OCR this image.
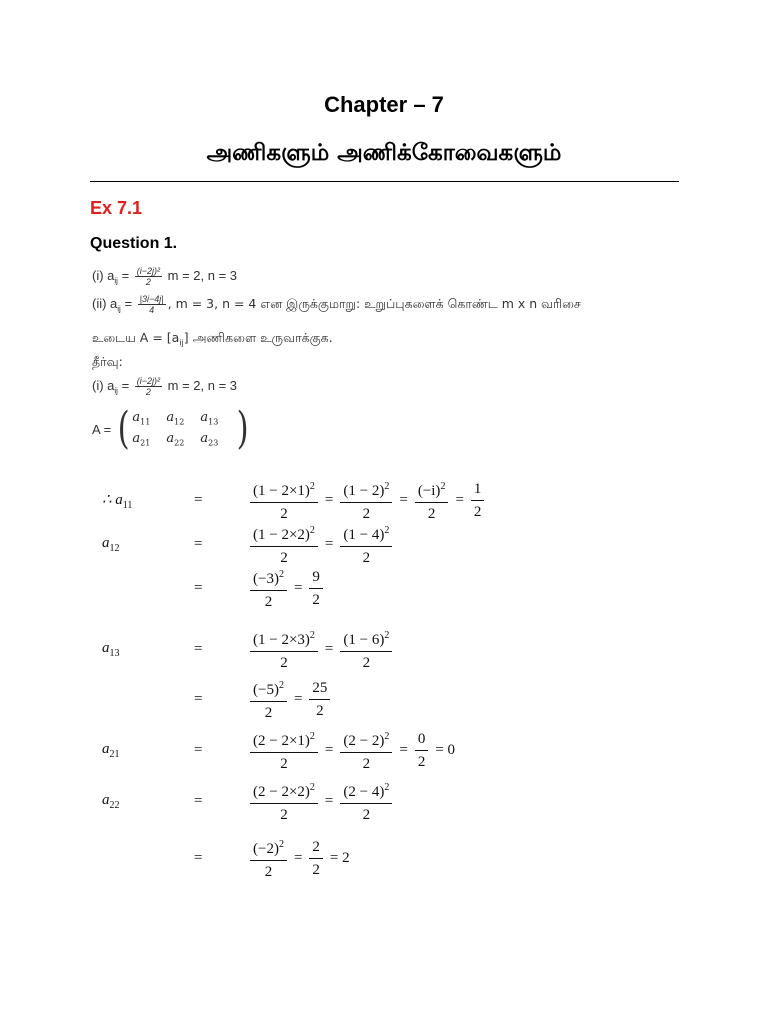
Chapter – 7
அணிகளும் அணிக்கோவைகளும்
Ex 7.1
Question 1.
(i) $a_{ij} = \frac{\text{(i−2j)²}}{2}$ m = 2, n = 3
(ii) $a_{ij} = \frac{|3i-4j|}{4}$ , m = 3, n = 4 என இருக்குமாறு: உறுப்புகளைக் கொண்ட m x n வரிசை
உடைய $A = [a_{ij}]$ அணிகளை உருவாக்குக.
தீர்வு:
(i) $a_{ij} = \frac{\text{(i−2j)²}}{2}$ m = 2, n = 3
A = ( $a_{11}$	$a_{12}$	$a_{13}$
$a_{21}$	$a_{22}$	$a_{23}$ )
∴ $a_{11}$	=	$\frac{(1 - 2\times 1)^2}{2} = \frac{(1 - 2)^2}{2} = \frac{(-i)^2}{2} = \frac{1}{2}$
$a_{12}$	=	$\frac{(1 - 2\times 2)^2}{2} = \frac{(1 - 4)^2}{2}$
=	$\frac{(-3)^2}{2} = \frac{9}{2}$
$a_{13}$	=	$\frac{(1 - 2\times 3)^2}{2} = \frac{(1 - 6)^2}{2}$
=	$\frac{(-5)^2}{2} = \frac{25}{2}$
$a_{21}$	=	$\frac{(2 - 2\times 1)^2}{2} = \frac{(2 - 2)^2}{2} = \frac{0}{2} = 0$
$a_{22}$	=	$\frac{(2 - 2\times 2)^2}{2} = \frac{(2 - 4)^2}{2}$
=	$\frac{(-2)^2}{2} = \frac{2}{2} = 2$
